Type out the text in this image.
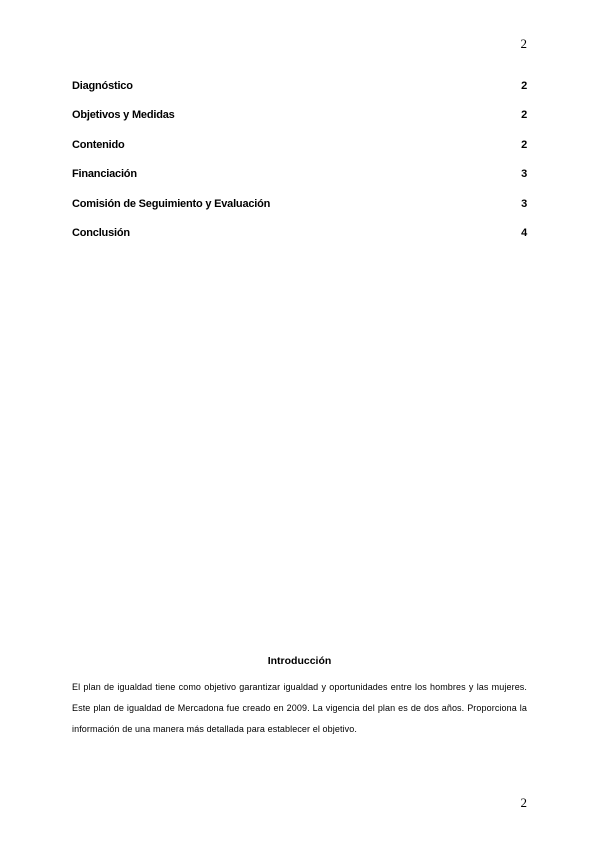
2
Diagnóstico	2
Objetivos y Medidas	2
Contenido	2
Financiación	3
Comisión de Seguimiento y Evaluación	3
Conclusión	4
Introducción

El plan de igualdad tiene como objetivo garantizar igualdad y oportunidades entre los hombres y las mujeres. Este plan de igualdad de Mercadona fue creado en 2009. La vigencia del plan es de dos años. Proporciona la información de una manera más detallada para establecer el objetivo.

2
